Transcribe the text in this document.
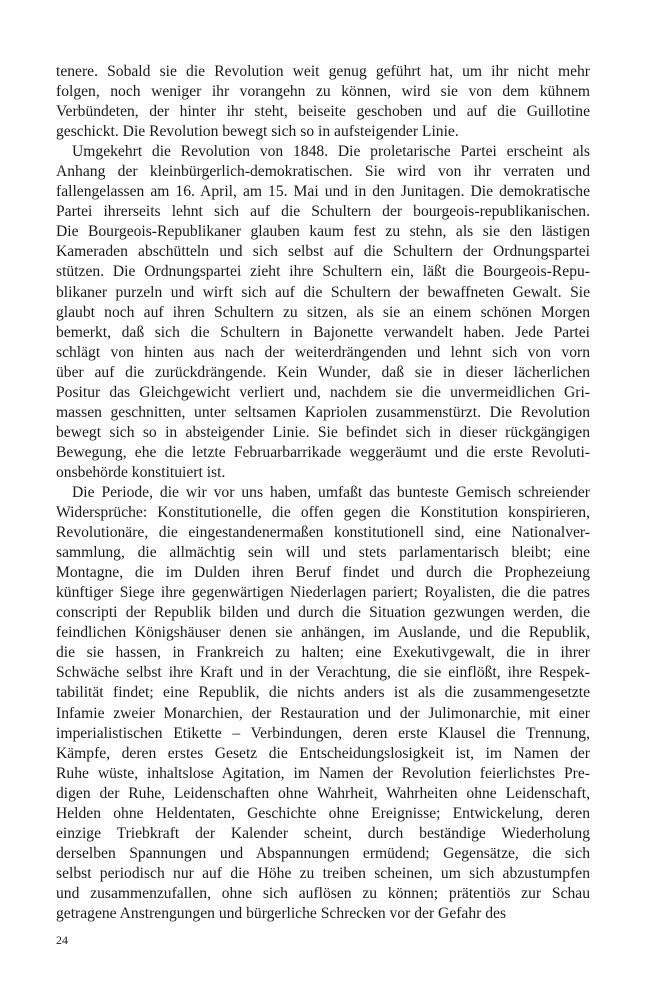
tenere. Sobald sie die Revolution weit genug geführt hat, um ihr nicht mehr
folgen, noch weniger ihr vorangehn zu können, wird sie von dem kühnem
Verbündeten, der hinter ihr steht, beiseite geschoben und auf die Guillotine
geschickt. Die Revolution bewegt sich so in aufsteigender Linie.
Umgekehrt die Revolution von 1848. Die proletarische Partei erscheint als
Anhang der kleinbürgerlich-demokratischen. Sie wird von ihr verraten und
fallengelassen am 16. April, am 15. Mai und in den Junitagen. Die demokratische
Partei ihrerseits lehnt sich auf die Schultern der bourgeois-republikanischen.
Die Bourgeois-Republikaner glauben kaum fest zu stehn, als sie den lästigen
Kameraden abschütteln und sich selbst auf die Schultern der Ordnungspartei
stützen. Die Ordnungspartei zieht ihre Schultern ein, läßt die Bourgeois-Repu-
blikaner purzeln und wirft sich auf die Schultern der bewaffneten Gewalt. Sie
glaubt noch auf ihren Schultern zu sitzen, als sie an einem schönen Morgen
bemerkt, daß sich die Schultern in Bajonette verwandelt haben. Jede Partei
schlägt von hinten aus nach der weiterdrängenden und lehnt sich von vorn
über auf die zurückdrängende. Kein Wunder, daß sie in dieser lächerlichen
Positur das Gleichgewicht verliert und, nachdem sie die unvermeidlichen Gri-
massen geschnitten, unter seltsamen Kapriolen zusammenstürzt. Die Revolution
bewegt sich so in absteigender Linie. Sie befindet sich in dieser rückgängigen
Bewegung, ehe die letzte Februarbarrikade weggeräumt und die erste Revoluti-
onsbehörde konstituiert ist.
Die Periode, die wir vor uns haben, umfaßt das bunteste Gemisch schreiender
Widersprüche: Konstitutionelle, die offen gegen die Konstitution konspirieren,
Revolutionäre, die eingestandenermaßen konstitutionell sind, eine Nationalver-
sammlung, die allmächtig sein will und stets parlamentarisch bleibt; eine
Montagne, die im Dulden ihren Beruf findet und durch die Prophezeiung
künftiger Siege ihre gegenwärtigen Niederlagen pariert; Royalisten, die die patres
conscripti der Republik bilden und durch die Situation gezwungen werden, die
feindlichen Königshäuser denen sie anhängen, im Auslande, und die Republik,
die sie hassen, in Frankreich zu halten; eine Exekutivgewalt, die in ihrer
Schwäche selbst ihre Kraft und in der Verachtung, die sie einflößt, ihre Respek-
tabilität findet; eine Republik, die nichts anders ist als die zusammengesetzte
Infamie zweier Monarchien, der Restauration und der Julimonarchie, mit einer
imperialistischen Etikette – Verbindungen, deren erste Klausel die Trennung,
Kämpfe, deren erstes Gesetz die Entscheidungslosigkeit ist, im Namen der
Ruhe wüste, inhaltslose Agitation, im Namen der Revolution feierlichstes Pre-
digen der Ruhe, Leidenschaften ohne Wahrheit, Wahrheiten ohne Leidenschaft,
Helden ohne Heldentaten, Geschichte ohne Ereignisse; Entwickelung, deren
einzige Triebkraft der Kalender scheint, durch beständige Wiederholung
derselben Spannungen und Abspannungen ermüdend; Gegensätze, die sich
selbst periodisch nur auf die Höhe zu treiben scheinen, um sich abzustumpfen
und zusammenzufallen, ohne sich auflösen zu können; prätentiös zur Schau
getragene Anstrengungen und bürgerliche Schrecken vor der Gefahr des
24
